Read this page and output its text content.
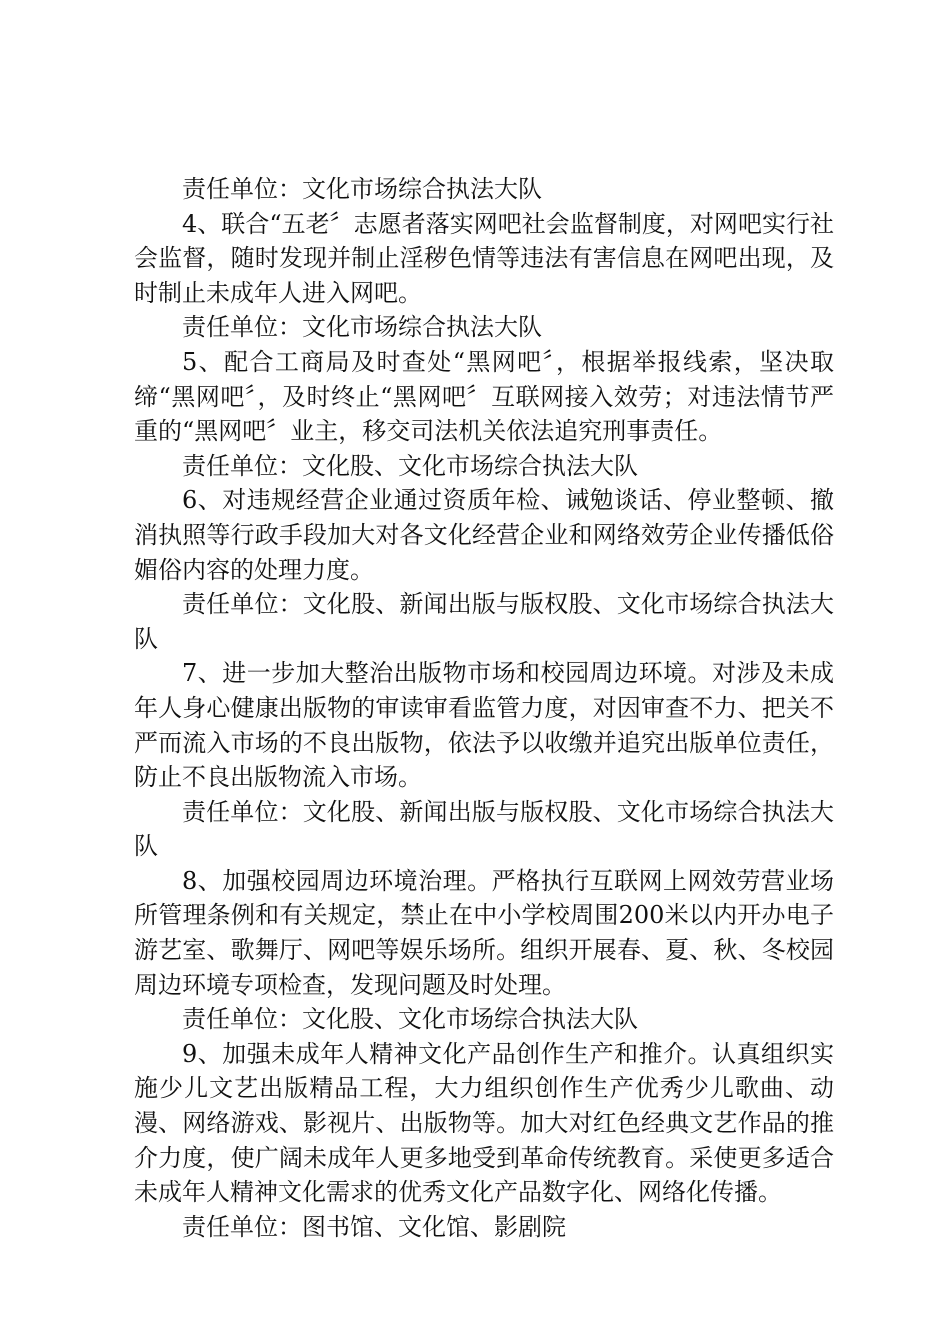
责任单位：文化市场综合执法大队

4、联合“五老〞志愿者落实网吧社会监督制度，对网吧实行社会监督，随时发现并制止淫秽色情等违法有害信息在网吧出现，及时制止未成年人进入网吧。

责任单位：文化市场综合执法大队

5、配合工商局及时查处“黑网吧〞，根据举报线索，坚决取缔“黑网吧〞，及时终止“黑网吧〞互联网接入效劳；对违法情节严重的“黑网吧〞业主，移交司法机关依法追究刑事责任。

责任单位：文化股、文化市场综合执法大队

6、对违规经营企业通过资质年检、诫勉谈话、停业整顿、撤消执照等行政手段加大对各文化经营企业和网络效劳企业传播低俗媚俗内容的处理力度。

责任单位：文化股、新闻出版与版权股、文化市场综合执法大队

7、进一步加大整治出版物市场和校园周边环境。对涉及未成年人身心健康出版物的审读审看监管力度，对因审查不力、把关不严而流入市场的不良出版物，依法予以收缴并追究出版单位责任，防止不良出版物流入市场。

责任单位：文化股、新闻出版与版权股、文化市场综合执法大队

8、加强校园周边环境治理。严格执行互联网上网效劳营业场所管理条例和有关规定，禁止在中小学校周围200米以内开办电子游艺室、歌舞厅、网吧等娱乐场所。组织开展春、夏、秋、冬校园周边环境专项检查，发现问题及时处理。

责任单位：文化股、文化市场综合执法大队

9、加强未成年人精神文化产品创作生产和推介。认真组织实施少儿文艺出版精品工程，大力组织创作生产优秀少儿歌曲、动漫、网络游戏、影视片、出版物等。加大对红色经典文艺作品的推介力度，使广阔未成年人更多地受到革命传统教育。采使更多适合未成年人精神文化需求的优秀文化产品数字化、网络化传播。

责任单位：图书馆、文化馆、影剧院
